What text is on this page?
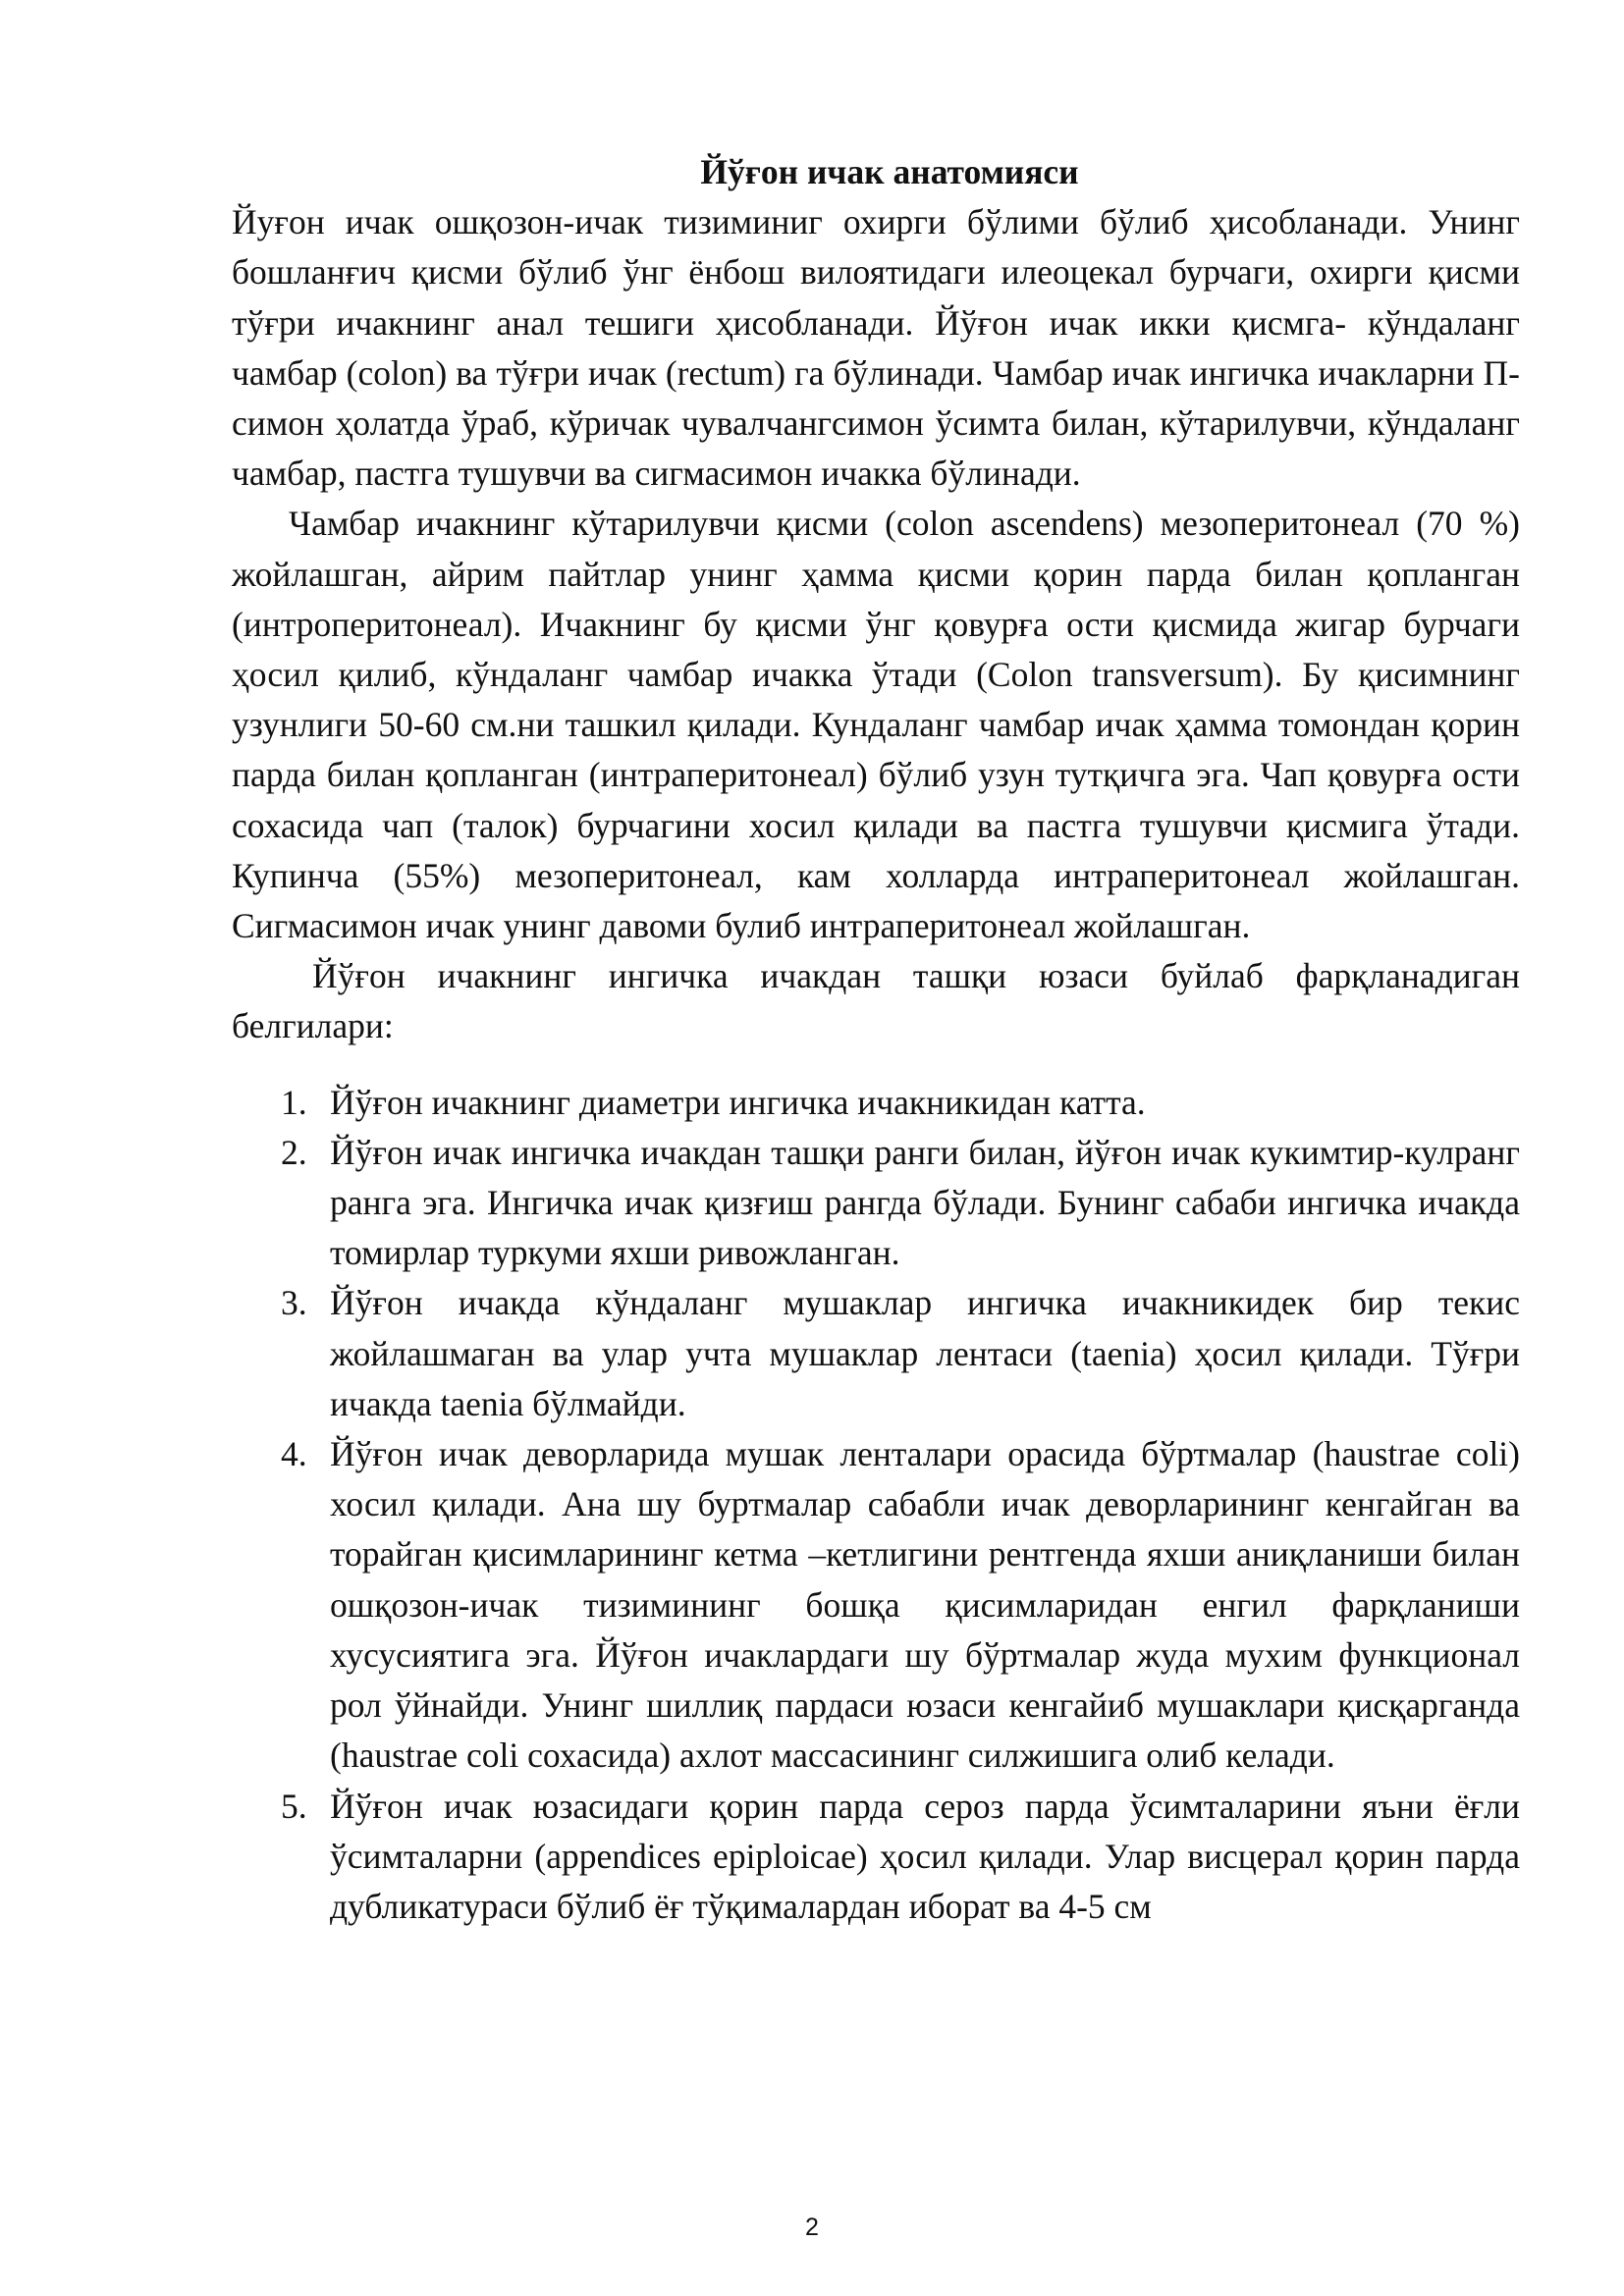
Йўғон ичак анатомияси

Йуғон ичак ошқозон-ичак тизиминиг охирги бўлими бўлиб ҳисобланади. Унинг бошланғич қисми бўлиб ўнг ёнбош вилоятидаги илеоцекал бурчаги, охирги қисми тўғри ичакнинг анал тешиги ҳисобланади. Йўғон ичак икки қисмга- кўндаланг чамбар (colon) ва тўғри ичак (rectum) га бўлинади. Чамбар ичак ингичка ичакларни П-симон ҳолатда ўраб, кўричак чувалчангсимон ўсимта билан, кўтарилувчи, кўндаланг чамбар, пастга тушувчи ва сигмасимон ичакка бўлинади.

Чамбар ичакнинг кўтарилувчи қисми (colon ascendens) мезоперитонеал (70 %) жойлашган, айрим пайтлар унинг ҳамма қисми қорин парда билан қопланган (интроперитонеал). Ичакнинг бу қисми ўнг қовурға ости қисмида жигар бурчаги ҳосил қилиб, кўндаланг чамбар ичакка ўтади (Colon transversum). Бу қисимнинг узунлиги 50-60 см.ни ташкил қилади. Кундаланг чамбар ичак ҳамма томондан қорин парда билан қопланган (интраперитонеал) бўлиб узун тутқичга эга. Чап қовурға ости сохасида чап (талок) бурчагини хосил қилади ва пастга тушувчи қисмига ўтади. Купинча (55%) мезоперитонеал, кам холларда интраперитонеал жойлашган. Сигмасимон ичак унинг давоми булиб интраперитонеал жойлашган.

Йўғон ичакнинг ингичка ичакдан ташқи юзаси буйлаб фарқланадиган белгилари:

1. Йўғон ичакнинг диаметри ингичка ичакникидан катта.
2. Йўғон ичак ингичка ичакдан ташқи ранги билан, йўғон ичак кукимтир-кулранг ранга эга. Ингичка ичак қизғиш рангда бўлади. Бунинг сабаби ингичка ичакда томирлар туркуми яхши ривожланган.
3. Йўғон ичакда кўндаланг мушаклар ингичка ичакникидек бир текис жойлашмаган ва улар учта мушаклар лентаси (taenia) ҳосил қилади. Тўғри ичакда taenia бўлмайди.
4. Йўғон ичак деворларида мушак ленталари орасида бўртмалар (haustrae coli) хосил қилади. Ана шу буртмалар сабабли ичак деворларининг кенгайган ва торайган қисимларининг кетма –кетлигини рентгенда яхши аниқланиши билан ошқозон-ичак тизимининг бошқа қисимларидан енгил фарқланиши хусусиятига эга. Йўғон ичаклардаги шу бўртмалар жуда мухим функционал рол ўйнайди. Унинг шиллиқ пардаси юзаси кенгайиб мушаклари қисқарганда (haustrae coli сохасида) ахлот массасининг силжишига олиб келади.
5. Йўғон ичак юзасидаги қорин парда сероз парда ўсимталарини яъни ёғли ўсимталарни (appendices epiploicae) ҳосил қилади. Улар висцерал қорин парда дубликатураси бўлиб ёғ тўқималардан иборат ва 4-5 см
2
